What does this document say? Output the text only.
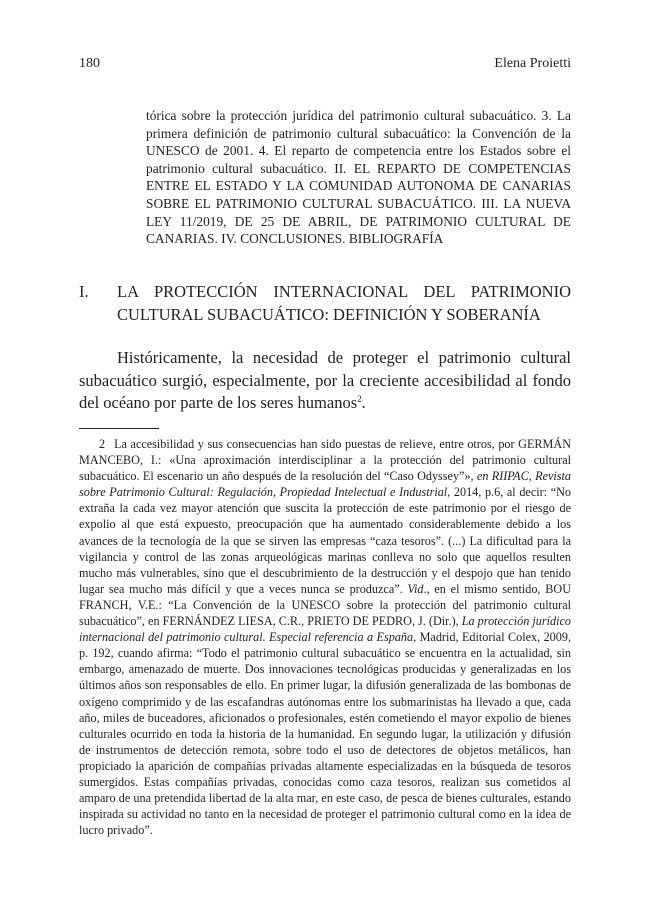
180	Elena Proietti
tórica sobre la protección jurídica del patrimonio cultural subacuático. 3. La primera definición de patrimonio cultural subacuático: la Convención de la UNESCO de 2001. 4. El reparto de competencia entre los Estados sobre el patrimonio cultural subacuático. II. EL REPARTO DE COMPETENCIAS ENTRE EL ESTADO Y LA COMUNIDAD AUTONOMA DE CANARIAS SOBRE EL PATRIMONIO CULTURAL SUBACUÁTICO. III. LA NUEVA LEY 11/2019, DE 25 DE ABRIL, DE PATRIMONIO CULTURAL DE CANARIAS. IV. CONCLUSIONES. BIBLIOGRAFÍA
I. LA PROTECCIÓN INTERNACIONAL DEL PATRIMONIO CULTURAL SUBACUÁTICO: DEFINICIÓN Y SOBERANÍA

Históricamente, la necesidad de proteger el patrimonio cultural subacuático surgió, especialmente, por la creciente accesibilidad al fondo del océano por parte de los seres humanos$^2$.

2 La accesibilidad y sus consecuencias han sido puestas de relieve, entre otros, por GERMÁN MANCEBO, I.: «Una aproximación interdisciplinar a la protección del patrimonio cultural subacuático. El escenario un año después de la resolución del “Caso Odyssey”», en RIIPAC, Revista sobre Patrimonio Cultural: Regulación, Propiedad Intelectual e Industrial, 2014, p.6, al decir: “No extraña la cada vez mayor atención que suscita la protección de este patrimonio por el riesgo de expolio al que está expuesto, preocupación que ha aumentado considerablemente debido a los avances de la tecnología de la que se sirven las empresas “caza tesoros”. (...) La dificultad para la vigilancia y control de las zonas arqueológicas marinas conlleva no solo que aquellos resulten mucho más vulnerables, sino que el descubrimiento de la destrucción y el despojo que han tenido lugar sea mucho más difícil y que a veces nunca se produzca”. Vid., en el mismo sentido, BOU FRANCH, V.E.: “La Convención de la UNESCO sobre la protección del patrimonio cultural subacuático”, en FERNÁNDEZ LIESA, C.R., PRIETO DE PEDRO, J. (Dir.), La protección jurídico internacional del patrimonio cultural. Especial referencia a España, Madrid, Editorial Colex, 2009, p. 192, cuando afirma: “Todo el patrimonio cultural subacuático se encuentra en la actualidad, sin embargo, amenazado de muerte. Dos innovaciones tecnológicas producidas y generalizadas en los últimos años son responsables de ello. En primer lugar, la difusión generalizada de las bombonas de oxígeno comprimido y de las escafandras autónomas entre los submarinistas ha llevado a que, cada año, miles de buceadores, aficionados o profesionales, estén cometiendo el mayor expolio de bienes culturales ocurrido en toda la historia de la humanidad. En segundo lugar, la utilización y difusión de instrumentos de detección remota, sobre todo el uso de detectores de objetos metálicos, han propiciado la aparición de compañías privadas altamente especializadas en la búsqueda de tesoros sumergidos. Estas compañías privadas, conocidas como caza tesoros, realizan sus cometidos al amparo de una pretendida libertad de la alta mar, en este caso, de pesca de bienes culturales, estando inspirada su actividad no tanto en la necesidad de proteger el patrimonio cultural como en la idea de lucro privado”.
